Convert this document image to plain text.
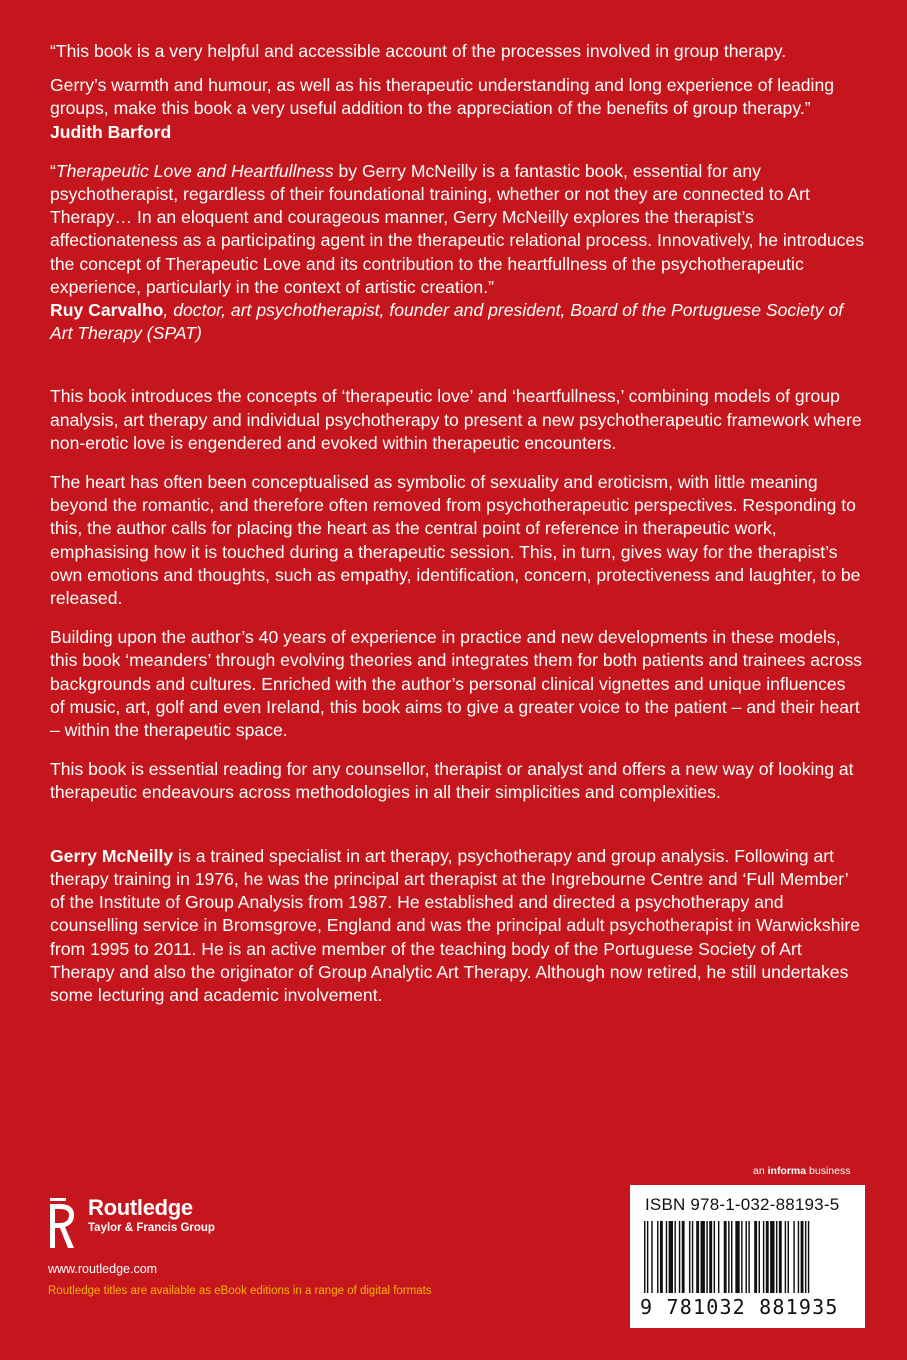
“This book is a very helpful and accessible account of the processes involved in group therapy.

Gerry’s warmth and humour, as well as his therapeutic understanding and long experience of leading groups, make this book a very useful addition to the appreciation of the benefits of group therapy.”

Judith Barford

“Therapeutic Love and Heartfullness by Gerry McNeilly is a fantastic book, essential for any psychotherapist, regardless of their foundational training, whether or not they are connected to Art Therapy… In an eloquent and courageous manner, Gerry McNeilly explores the therapist’s affectionateness as a participating agent in the therapeutic relational process. Innovatively, he introduces the concept of Therapeutic Love and its contribution to the heartfullness of the psychotherapeutic experience, particularly in the context of artistic creation.”

Ruy Carvalho, doctor, art psychotherapist, founder and president, Board of the Portuguese Society of Art Therapy (SPAT)

This book introduces the concepts of ‘therapeutic love’ and ‘heartfullness,’ combining models of group analysis, art therapy and individual psychotherapy to present a new psychotherapeutic framework where non-erotic love is engendered and evoked within therapeutic encounters.

The heart has often been conceptualised as symbolic of sexuality and eroticism, with little meaning beyond the romantic, and therefore often removed from psychotherapeutic perspectives. Responding to this, the author calls for placing the heart as the central point of reference in therapeutic work, emphasising how it is touched during a therapeutic session. This, in turn, gives way for the therapist’s own emotions and thoughts, such as empathy, identification, concern, protectiveness and laughter, to be released.

Building upon the author’s 40 years of experience in practice and new developments in these models, this book ‘meanders’ through evolving theories and integrates them for both patients and trainees across backgrounds and cultures. Enriched with the author’s personal clinical vignettes and unique influences of music, art, golf and even Ireland, this book aims to give a greater voice to the patient – and their heart – within the therapeutic space.

This book is essential reading for any counsellor, therapist or analyst and offers a new way of looking at therapeutic endeavours across methodologies in all their simplicities and complexities.

Gerry McNeilly is a trained specialist in art therapy, psychotherapy and group analysis. Following art therapy training in 1976, he was the principal art therapist at the Ingrebourne Centre and ‘Full Member’ of the Institute of Group Analysis from 1987. He established and directed a psychotherapy and counselling service in Bromsgrove, England and was the principal adult psychotherapist in Warwickshire from 1995 to 2011. He is an active member of the teaching body of the Portuguese Society of Art Therapy and also the originator of Group Analytic Art Therapy. Although now retired, he still undertakes some lecturing and academic involvement.

an informa business
Routledge
Taylor & Francis Group
www.routledge.com
Routledge titles are available as eBook editions in a range of digital formats
ISBN 978-1-032-88193-5
9 781032 881935
